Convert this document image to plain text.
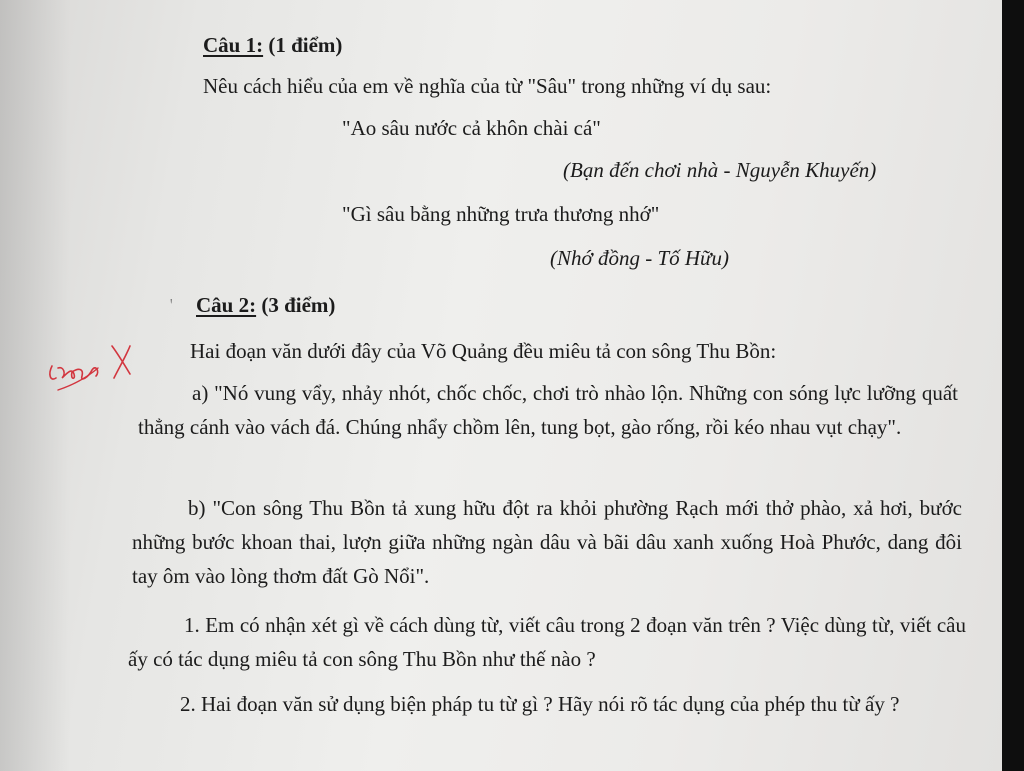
Câu 1: (1 điểm)
Nêu cách hiểu của em về nghĩa của từ "Sâu" trong những ví dụ sau:
"Ao sâu nước cả khôn chài cá"
(Bạn đến chơi nhà - Nguyễn Khuyến)
"Gì sâu bằng những trưa thương nhớ"
(Nhớ đồng - Tố Hữu)
Câu 2: (3 điểm)
Hai đoạn văn dưới đây của Võ Quảng đều miêu tả con sông Thu Bồn:
a) "Nó vung vẩy, nhảy nhót, chốc chốc, chơi trò nhào lộn. Những con sóng lực lưỡng quất thẳng cánh vào vách đá. Chúng nhẩy chồm lên, tung bọt, gào rống, rồi kéo nhau vụt chạy".
b) "Con sông Thu Bồn tả xung hữu đột ra khỏi phường Rạch mới thở phào, xả hơi, bước những bước khoan thai, lượn giữa những ngàn dâu và bãi dâu xanh xuống Hoà Phước, dang đôi tay ôm vào lòng thơm đất Gò Nổi".
1. Em có nhận xét gì về cách dùng từ, viết câu trong 2 đoạn văn trên ? Việc dùng từ, viết câu ấy có tác dụng miêu tả con sông Thu Bồn như thế nào ?
2. Hai đoạn văn sử dụng biện pháp tu từ gì ? Hãy nói rõ tác dụng của phép thu từ ấy ?
ꞌ
